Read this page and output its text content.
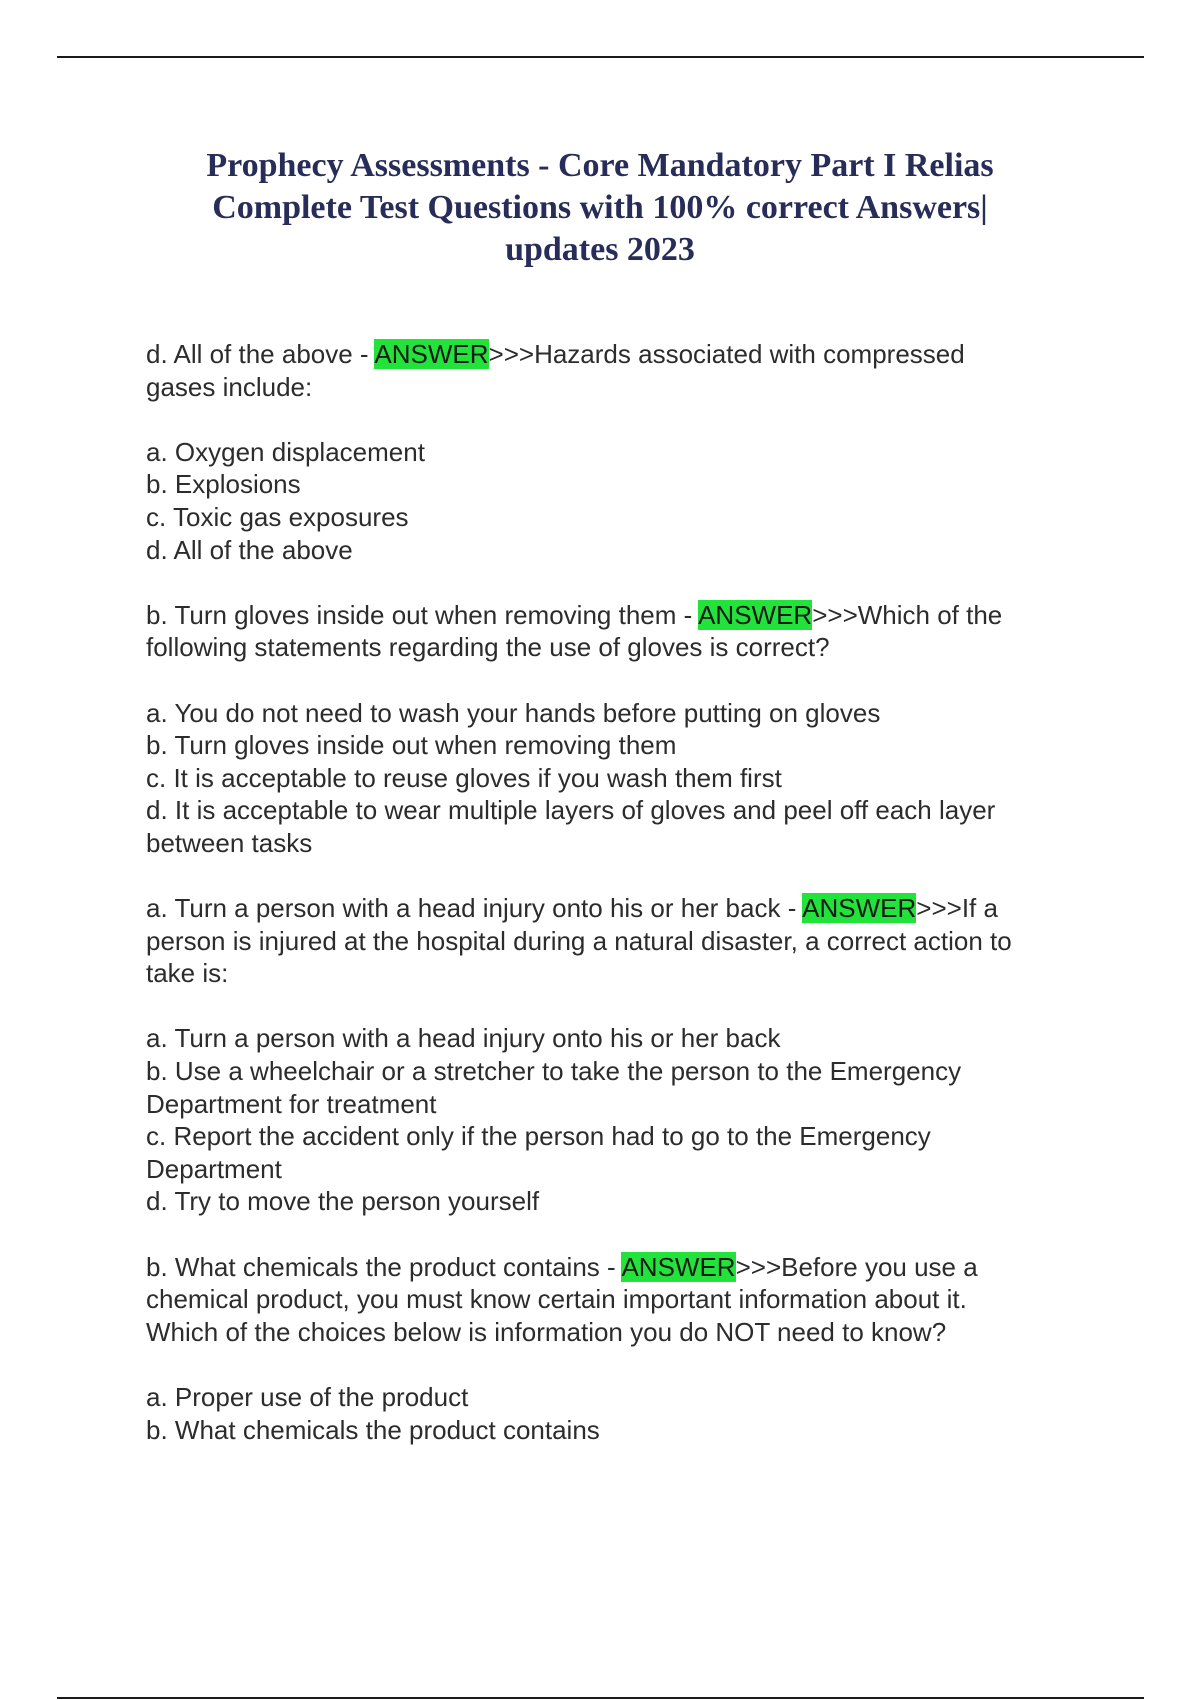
Prophecy Assessments - Core Mandatory Part I Relias
Complete Test Questions with 100% correct Answers|
updates 2023
d. All of the above - ANSWER>>>Hazards associated with compressed
gases include:
a. Oxygen displacement
b. Explosions
c. Toxic gas exposures
d. All of the above
b. Turn gloves inside out when removing them - ANSWER>>>Which of the
following statements regarding the use of gloves is correct?
a. You do not need to wash your hands before putting on gloves
b. Turn gloves inside out when removing them
c. It is acceptable to reuse gloves if you wash them first
d. It is acceptable to wear multiple layers of gloves and peel off each layer
between tasks
a. Turn a person with a head injury onto his or her back - ANSWER>>>If a
person is injured at the hospital during a natural disaster, a correct action to
take is:
a. Turn a person with a head injury onto his or her back
b. Use a wheelchair or a stretcher to take the person to the Emergency
Department for treatment
c. Report the accident only if the person had to go to the Emergency
Department
d. Try to move the person yourself
b. What chemicals the product contains - ANSWER>>>Before you use a
chemical product, you must know certain important information about it.
Which of the choices below is information you do NOT need to know?
a. Proper use of the product
b. What chemicals the product contains
